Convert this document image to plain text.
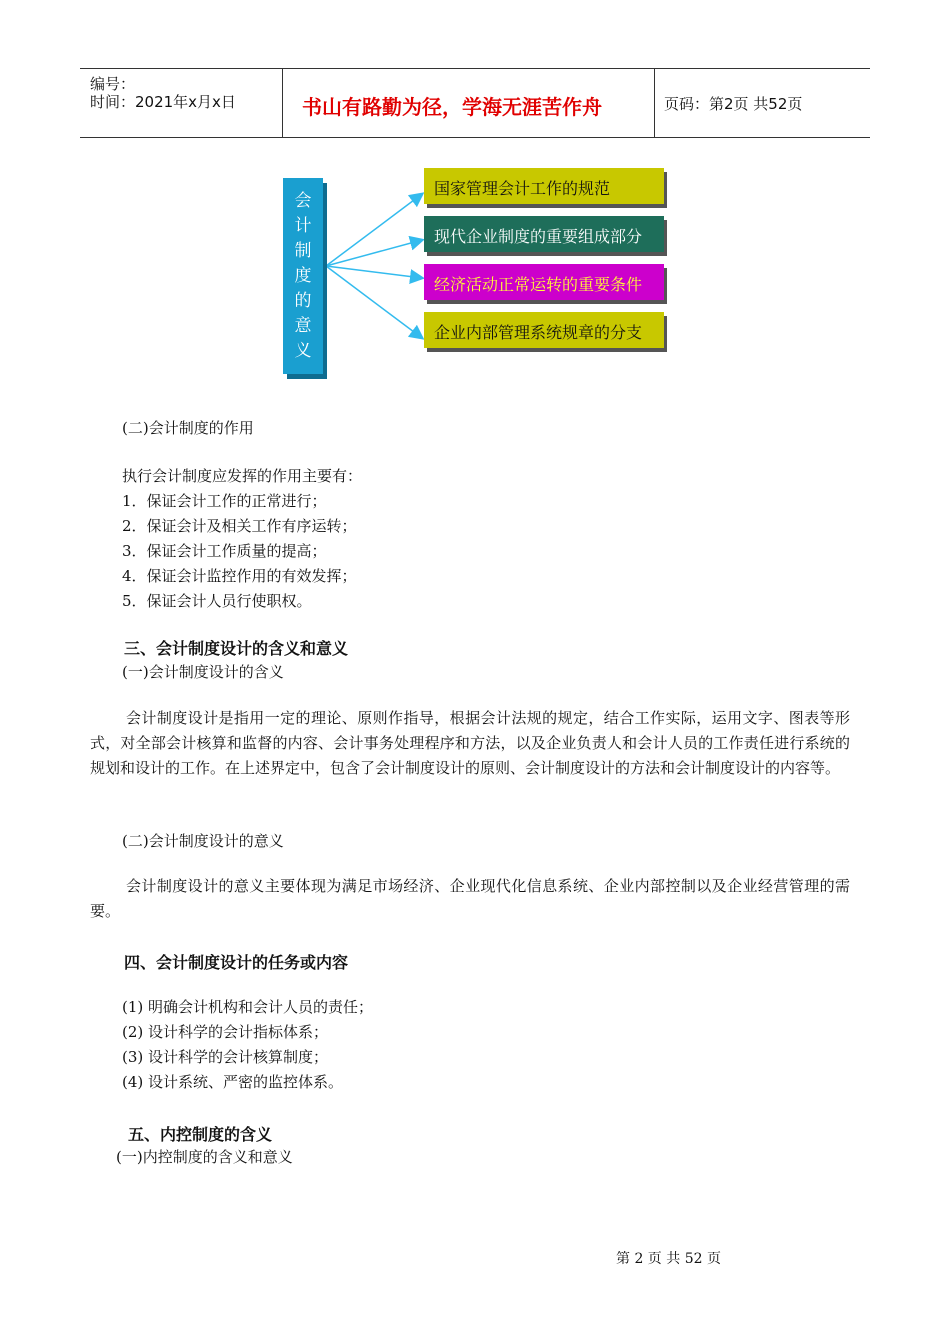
编号：
时间：2021年x月x日	书山有路勤为径，学海无涯苦作舟	页码：第2页 共52页
会
计
制
度
的
意
义
国家管理会计工作的规范
现代企业制度的重要组成部分
经济活动正常运转的重要条件
企业内部管理系统规章的分支
(二)会计制度的作用
执行会计制度应发挥的作用主要有：
1．保证会计工作的正常进行；
2．保证会计及相关工作有序运转；
3．保证会计工作质量的提高；
4．保证会计监控作用的有效发挥；
5．保证会计人员行使职权。
三、会计制度设计的含义和意义
(一)会计制度设计的含义
会计制度设计是指用一定的理论、原则作指导，根据会计法规的规定，结合工作实际，运用文字、图表等形式，对全部会计核算和监督的内容、会计事务处理程序和方法，以及企业负责人和会计人员的工作责任进行系统的规划和设计的工作。在上述界定中，包含了会计制度设计的原则、会计制度设计的方法和会计制度设计的内容等。
(二)会计制度设计的意义
会计制度设计的意义主要体现为满足市场经济、企业现代化信息系统、企业内部控制以及企业经营管理的需要。
四、会计制度设计的任务或内容
(1) 明确会计机构和会计人员的责任；
(2) 设计科学的会计指标体系；
(3) 设计科学的会计核算制度；
(4) 设计系统、严密的监控体系。
五、内控制度的含义
(一)内控制度的含义和意义
第 2 页 共 52 页
